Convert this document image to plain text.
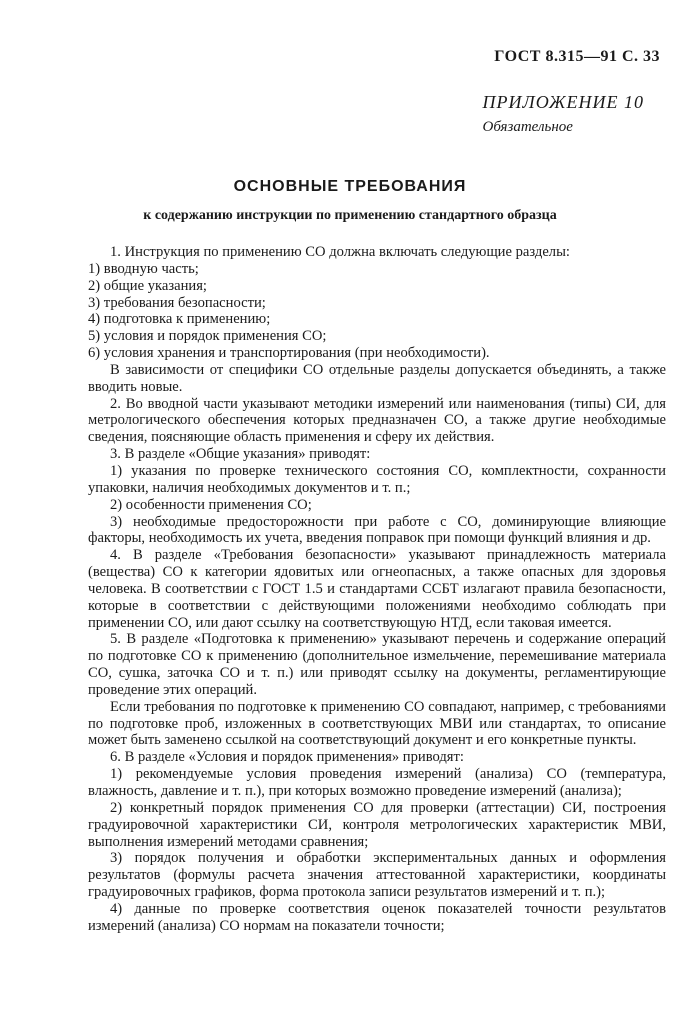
ГОСТ 8.315—91 С. 33
ПРИЛОЖЕНИЕ 10
Обязательное
ОСНОВНЫЕ ТРЕБОВАНИЯ
к содержанию инструкции по применению стандартного образца

1. Инструкция по применению СО должна включать следующие разделы:

1) вводную часть;

2) общие указания;

3) требования безопасности;

4) подготовка к применению;

5) условия и порядок применения СО;

6) условия хранения и транспортирования (при необходимости).

В зависимости от специфики СО отдельные разделы допускается объединять, а также вводить новые.

2. Во вводной части указывают методики измерений или наименования (типы) СИ, для метрологического обеспечения которых предназначен СО, а также другие необходимые сведения, поясняющие область применения и сферу их действия.

3. В разделе «Общие указания» приводят:

1) указания по проверке технического состояния СО, комплектности, сохранности упаковки, наличия необходимых документов и т. п.;

2) особенности применения СО;

3) необходимые предосторожности при работе с СО, доминирующие влияющие факторы, необходимость их учета, введения поправок при помощи функций влияния и др.

4. В разделе «Требования безопасности» указывают принадлежность материала (вещества) СО к категории ядовитых или огнеопасных, а также опасных для здоровья человека. В соответствии с ГОСТ 1.5 и стандартами ССБТ излагают правила безопасности, которые в соответствии с действующими положениями необходимо соблюдать при применении СО, или дают ссылку на соответствующую НТД, если таковая имеется.

5. В разделе «Подготовка к применению» указывают перечень и содержание операций по подготовке СО к применению (дополнительное измельчение, перемешивание материала СО, сушка, заточка СО и т. п.) или приводят ссылку на документы, регламентирующие проведение этих операций.

Если требования по подготовке к применению СО совпадают, например, с требованиями по подготовке проб, изложенных в соответствующих МВИ или стандартах, то описание может быть заменено ссылкой на соответствующий документ и его конкретные пункты.

6. В разделе «Условия и порядок применения» приводят:

1) рекомендуемые условия проведения измерений (анализа) СО (температура, влажность, давление и т. п.), при которых возможно проведение измерений (анализа);

2) конкретный порядок применения СО для проверки (аттестации) СИ, построения градуировочной характеристики СИ, контроля метрологических характеристик МВИ, выполнения измерений методами сравнения;

3) порядок получения и обработки экспериментальных данных и оформления результатов (формулы расчета значения аттестованной характеристики, координаты градуировочных графиков, форма протокола записи результатов измерений и т. п.);

4) данные по проверке соответствия оценок показателей точности результатов измерений (анализа) СО нормам на показатели точности;
